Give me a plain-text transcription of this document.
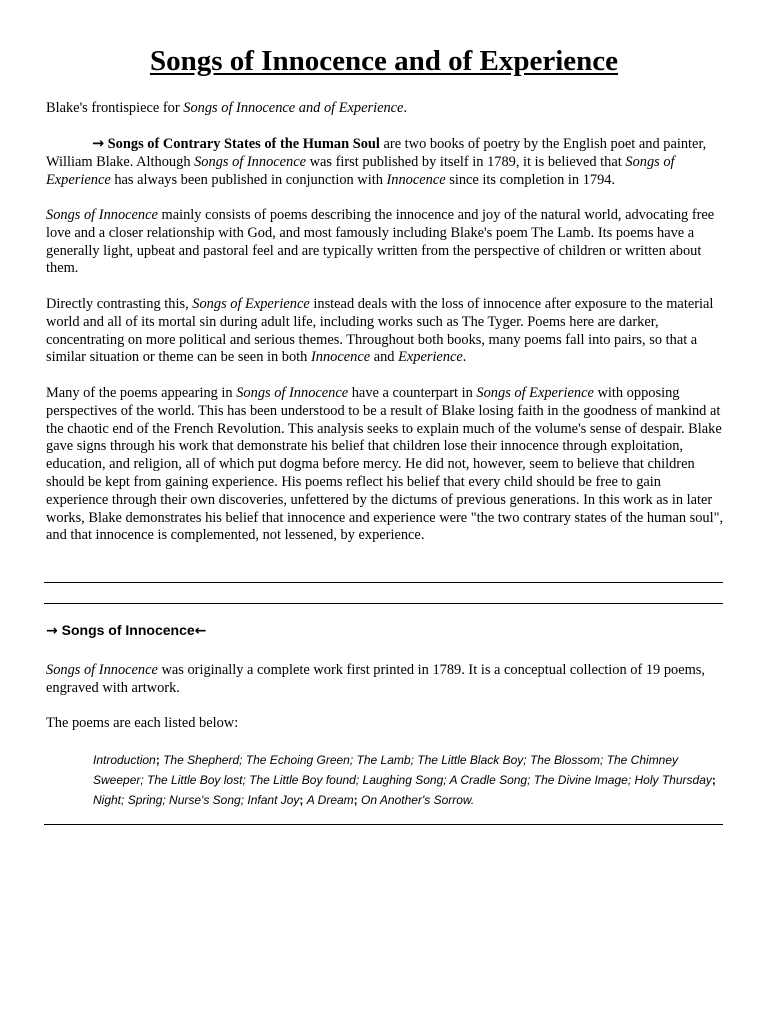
Songs of Innocence and of Experience

Blake's frontispiece for Songs of Innocence and of Experience.

→ Songs of Contrary States of the Human Soul are two books of poetry by the English poet and painter, William Blake. Although Songs of Innocence was first published by itself in 1789, it is believed that Songs of Experience has always been published in conjunction with Innocence since its completion in 1794.

Songs of Innocence mainly consists of poems describing the innocence and joy of the natural world, advocating free love and a closer relationship with God, and most famously including Blake's poem The Lamb. Its poems have a generally light, upbeat and pastoral feel and are typically written from the perspective of children or written about them.

Directly contrasting this, Songs of Experience instead deals with the loss of innocence after exposure to the material world and all of its mortal sin during adult life, including works such as The Tyger. Poems here are darker, concentrating on more political and serious themes. Throughout both books, many poems fall into pairs, so that a similar situation or theme can be seen in both Innocence and Experience.

Many of the poems appearing in Songs of Innocence have a counterpart in Songs of Experience with opposing perspectives of the world. This has been understood to be a result of Blake losing faith in the goodness of mankind at the chaotic end of the French Revolution. This analysis seeks to explain much of the volume's sense of despair. Blake gave signs through his work that demonstrate his belief that children lose their innocence through exploitation, education, and religion, all of which put dogma before mercy. He did not, however, seem to believe that children should be kept from gaining experience. His poems reflect his belief that every child should be free to gain experience through their own discoveries, unfettered by the dictums of previous generations. In this work as in later works, Blake demonstrates his belief that innocence and experience were "the two contrary states of the human soul", and that innocence is complemented, not lessened, by experience.

→ Songs of Innocence←

Songs of Innocence was originally a complete work first printed in 1789. It is a conceptual collection of 19 poems, engraved with artwork.

The poems are each listed below:

Introduction; The Shepherd; The Echoing Green; The Lamb; The Little Black Boy; The Blossom; The Chimney Sweeper; The Little Boy lost; The Little Boy found; Laughing Song; A Cradle Song; The Divine Image; Holy Thursday; Night; Spring; Nurse's Song; Infant Joy; A Dream; On Another's Sorrow.
